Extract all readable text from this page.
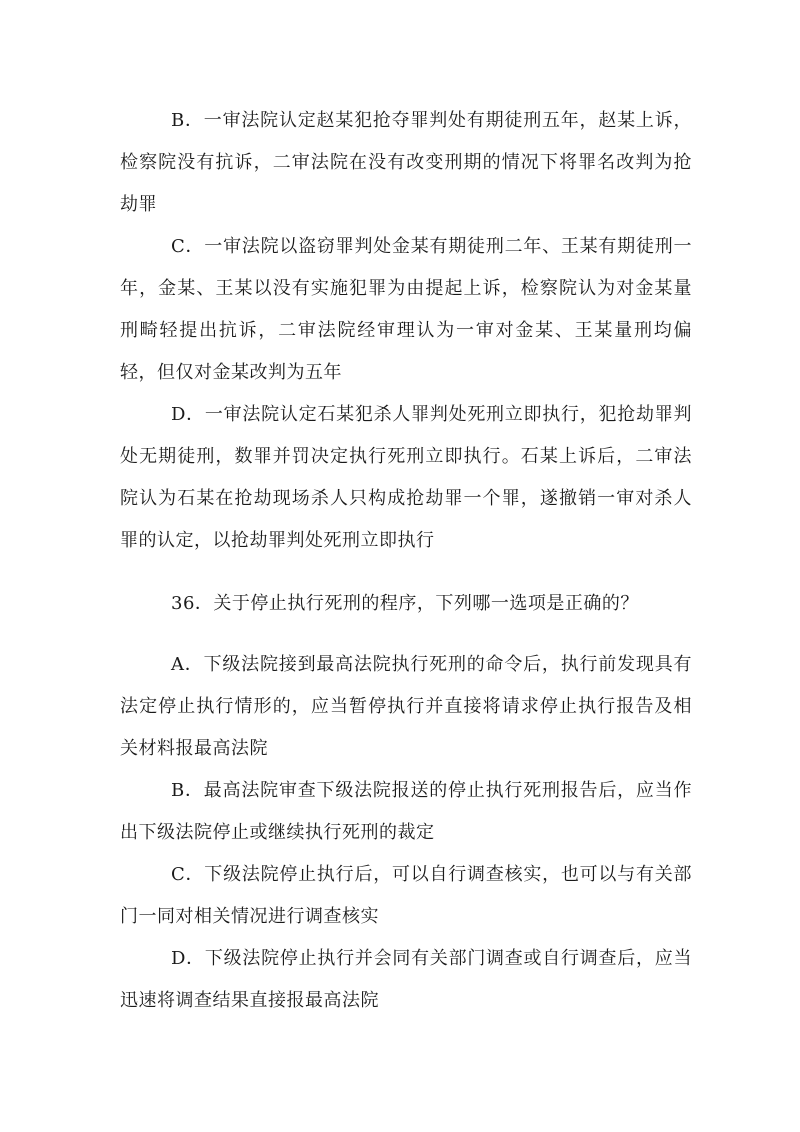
B．一审法院认定赵某犯抢夺罪判处有期徒刑五年，赵某上诉，检察院没有抗诉，二审法院在没有改变刑期的情况下将罪名改判为抢劫罪

C．一审法院以盗窃罪判处金某有期徒刑二年、王某有期徒刑一年，金某、王某以没有实施犯罪为由提起上诉，检察院认为对金某量刑畸轻提出抗诉，二审法院经审理认为一审对金某、王某量刑均偏轻，但仅对金某改判为五年

D．一审法院认定石某犯杀人罪判处死刑立即执行，犯抢劫罪判处无期徒刑，数罪并罚决定执行死刑立即执行。石某上诉后，二审法院认为石某在抢劫现场杀人只构成抢劫罪一个罪，遂撤销一审对杀人罪的认定，以抢劫罪判处死刑立即执行

36．关于停止执行死刑的程序，下列哪一选项是正确的？

A．下级法院接到最高法院执行死刑的命令后，执行前发现具有法定停止执行情形的，应当暂停执行并直接将请求停止执行报告及相关材料报最高法院

B．最高法院审查下级法院报送的停止执行死刑报告后，应当作出下级法院停止或继续执行死刑的裁定

C．下级法院停止执行后，可以自行调查核实，也可以与有关部门一同对相关情况进行调查核实

D．下级法院停止执行并会同有关部门调查或自行调查后，应当迅速将调查结果直接报最高法院
